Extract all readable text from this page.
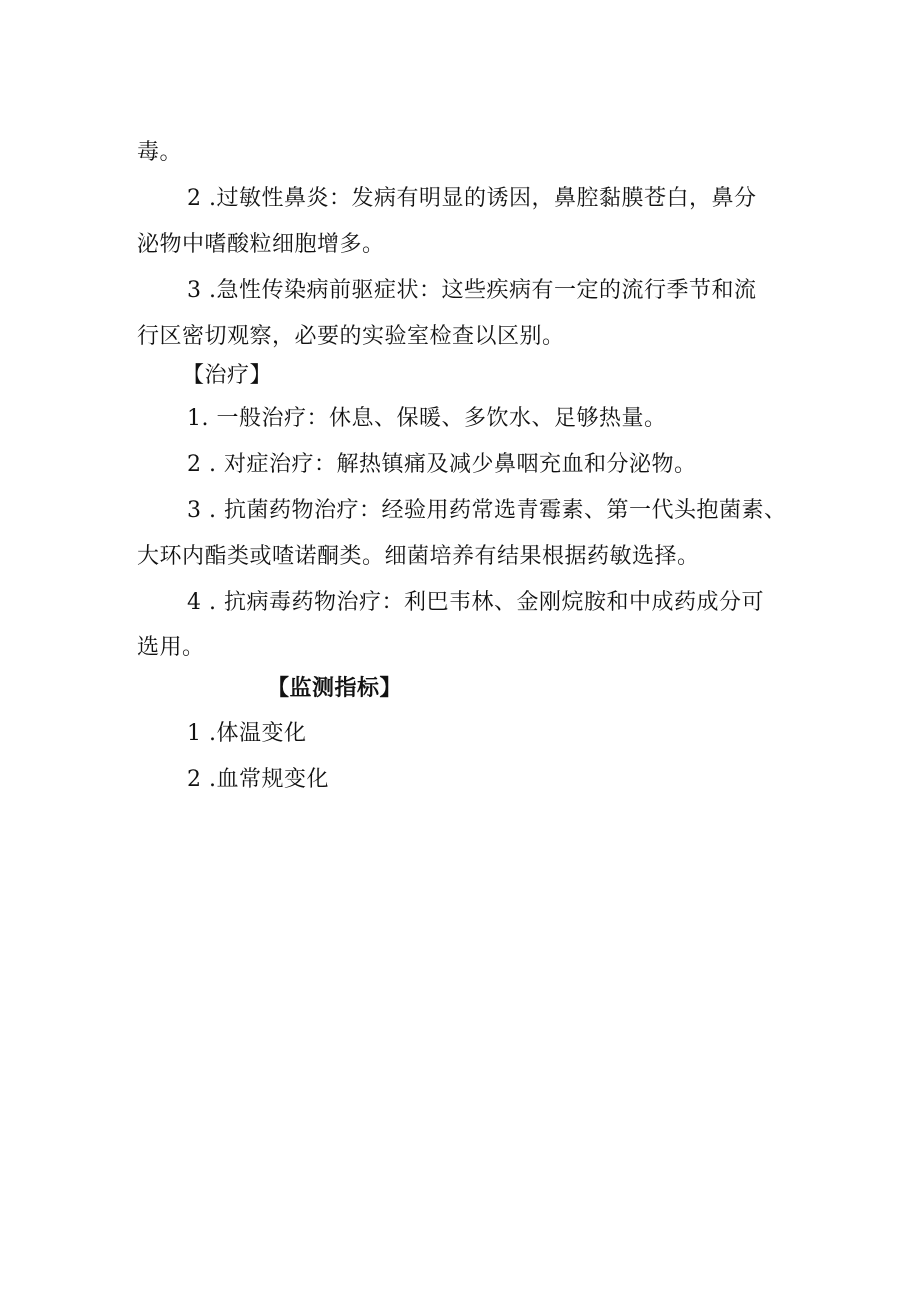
毒。
2 .过敏性鼻炎：发病有明显的诱因，鼻腔黏膜苍白，鼻分
泌物中嗜酸粒细胞增多。
3 .急性传染病前驱症状：这些疾病有一定的流行季节和流
行区密切观察，必要的实验室检查以区别。
【治疗】
1. 一般治疗：休息、保暖、多饮水、足够热量。
2 . 对症治疗：解热镇痛及减少鼻咽充血和分泌物。
3 . 抗菌药物治疗：经验用药常选青霉素、第一代头抱菌素、
大环内酯类或喳诺酮类。细菌培养有结果根据药敏选择。
4 . 抗病毒药物治疗：利巴韦林、金刚烷胺和中成药成分可
选用。
【监测指标】
1 .体温变化
2 .血常规变化
